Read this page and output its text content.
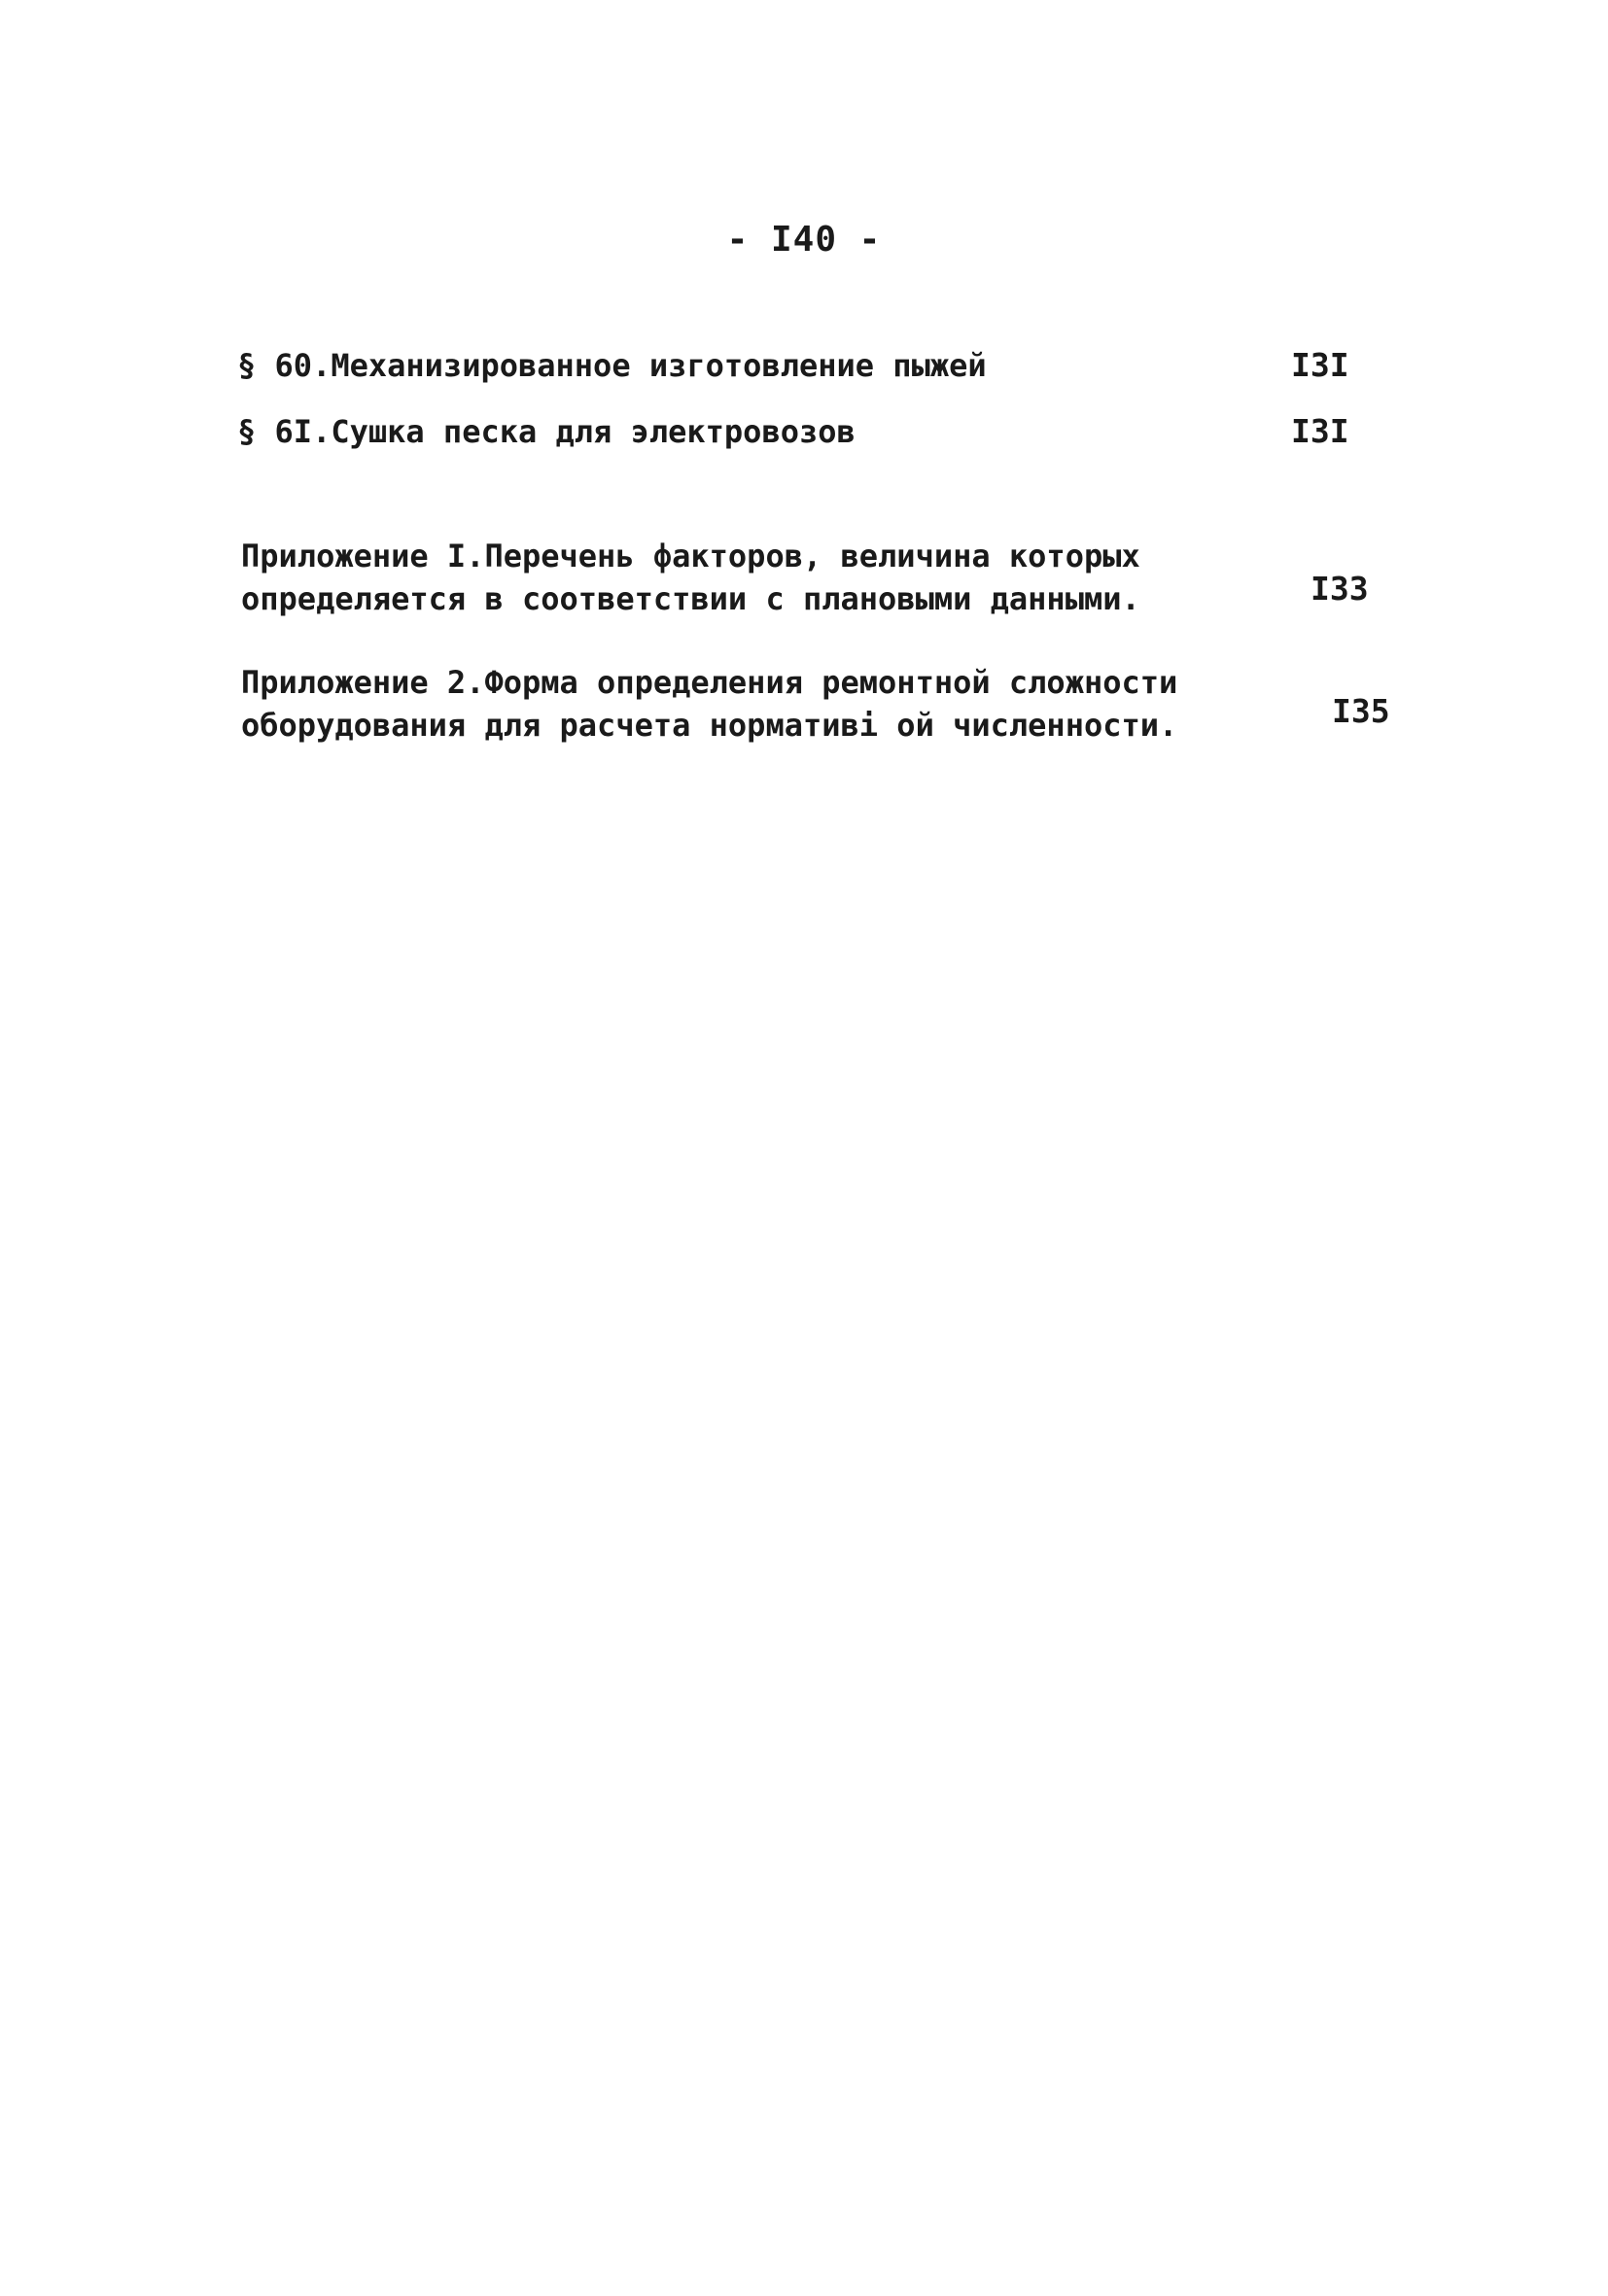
- I40 -
§ 60.Механизированное изготовление пыжей	I3I
§ 6I.Сушка песка для электровозов	I3I
Приложение I.Перечень факторов, величина которых
определяется в соответствии с плановыми данными.	I33
Приложение 2.Форма определения ремонтной сложности
оборудования для расчета нормативі ой численности.	I35
